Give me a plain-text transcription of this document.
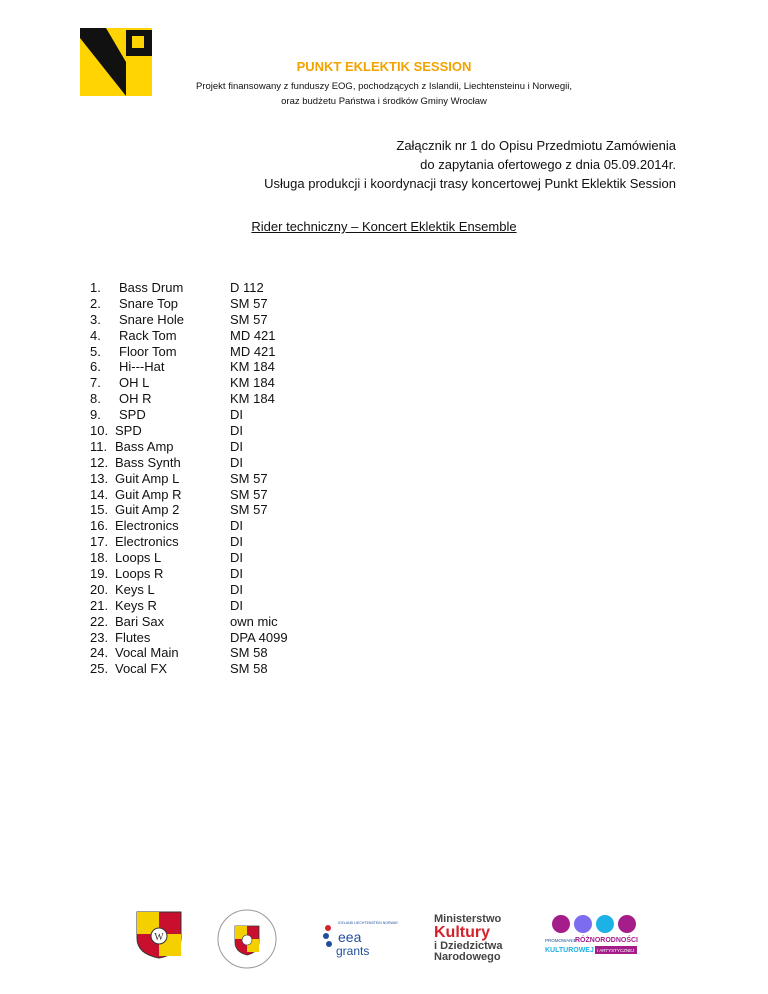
PUNKT EKLEKTIK SESSION
Projekt finansowany z funduszy EOG, pochodzących z Islandii, Liechtensteinu i Norwegii,
oraz budżetu Państwa i środków Gminy Wrocław
Załącznik nr 1 do Opisu Przedmiotu Zamówienia
do zapytania ofertowego z dnia 05.09.2014r.
Usługa produkcji i koordynacji trasy koncertowej Punkt Eklektik Session
Rider techniczny – Koncert Eklektik Ensemble
1. Bass Drum	D 112
2. Snare Top	SM 57
3. Snare Hole	SM 57
4. Rack Tom	MD 421
5. Floor Tom	MD 421
6. Hi---Hat	KM 184
7. OH L	KM 184
8. OH R	KM 184
9. SPD	DI
10. SPD	DI
11. Bass Amp	DI
12. Bass Synth	DI
13. Guit Amp L	SM 57
14. Guit Amp R	SM 57
15. Guit Amp 2	SM 57
16. Electronics	DI
17. Electronics	DI
18. Loops L	DI
19. Loops R	DI
20. Keys L	DI
21. Keys R	DI
22. Bari Sax	own mic
23. Flutes	DPA 4099
24. Vocal Main	SM 58
25. Vocal FX	SM 58
W
ICELAND LIECHTENSTEIN NORWAY
eea
grants
Ministerstwo
Kultury
i Dziedzictwa
Narodowego
PROMOWANIE
RÓŻNORODNOŚCI
KULTUROWEJ I ARTYSTYCZNEJ
